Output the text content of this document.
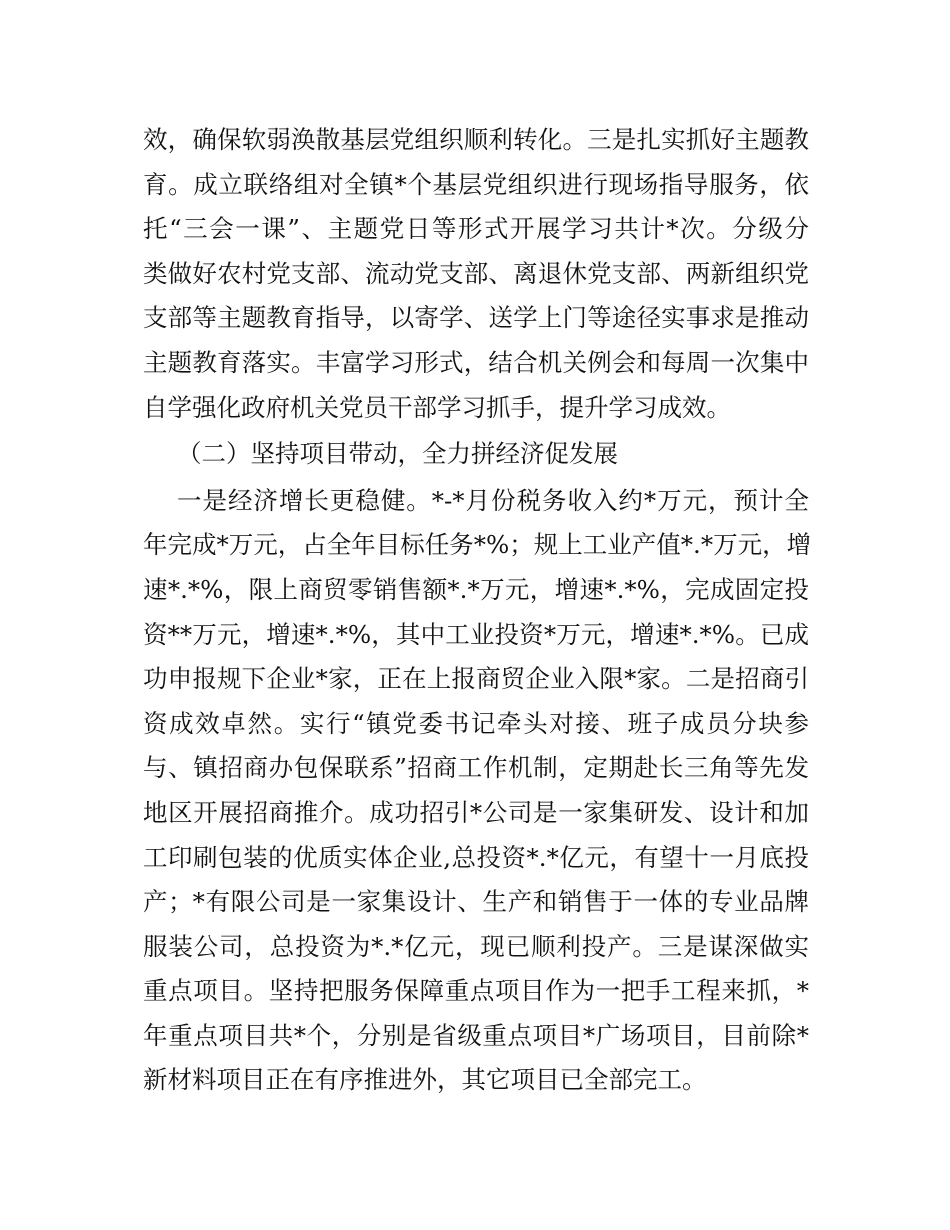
效，确保软弱涣散基层党组织顺利转化。三是扎实抓好主题教
育。成立联络组对全镇*个基层党组织进行现场指导服务，依
托“三会一课”、主题党日等形式开展学习共计*次。分级分
类做好农村党支部、流动党支部、离退休党支部、两新组织党
支部等主题教育指导，以寄学、送学上门等途径实事求是推动
主题教育落实。丰富学习形式，结合机关例会和每周一次集中
自学强化政府机关党员干部学习抓手，提升学习成效。
（二）坚持项目带动，全力拼经济促发展
一是经济增长更稳健。*-*月份税务收入约*万元，预计全
年完成*万元，占全年目标任务*%；规上工业产值*.*万元，增
速*.*%，限上商贸零销售额*.*万元，增速*.*%，完成固定投
资**万元，增速*.*%，其中工业投资*万元，增速*.*%。已成
功申报规下企业*家，正在上报商贸企业入限*家。二是招商引
资成效卓然。实行“镇党委书记牵头对接、班子成员分块参
与、镇招商办包保联系”招商工作机制，定期赴长三角等先发
地区开展招商推介。成功招引*公司是一家集研发、设计和加
工印刷包装的优质实体企业,总投资*.*亿元，有望十一月底投
产；*有限公司是一家集设计、生产和销售于一体的专业品牌
服装公司，总投资为*.*亿元，现已顺利投产。三是谋深做实
重点项目。坚持把服务保障重点项目作为一把手工程来抓，*
年重点项目共*个，分别是省级重点项目*广场项目，目前除*
新材料项目正在有序推进外，其它项目已全部完工。
